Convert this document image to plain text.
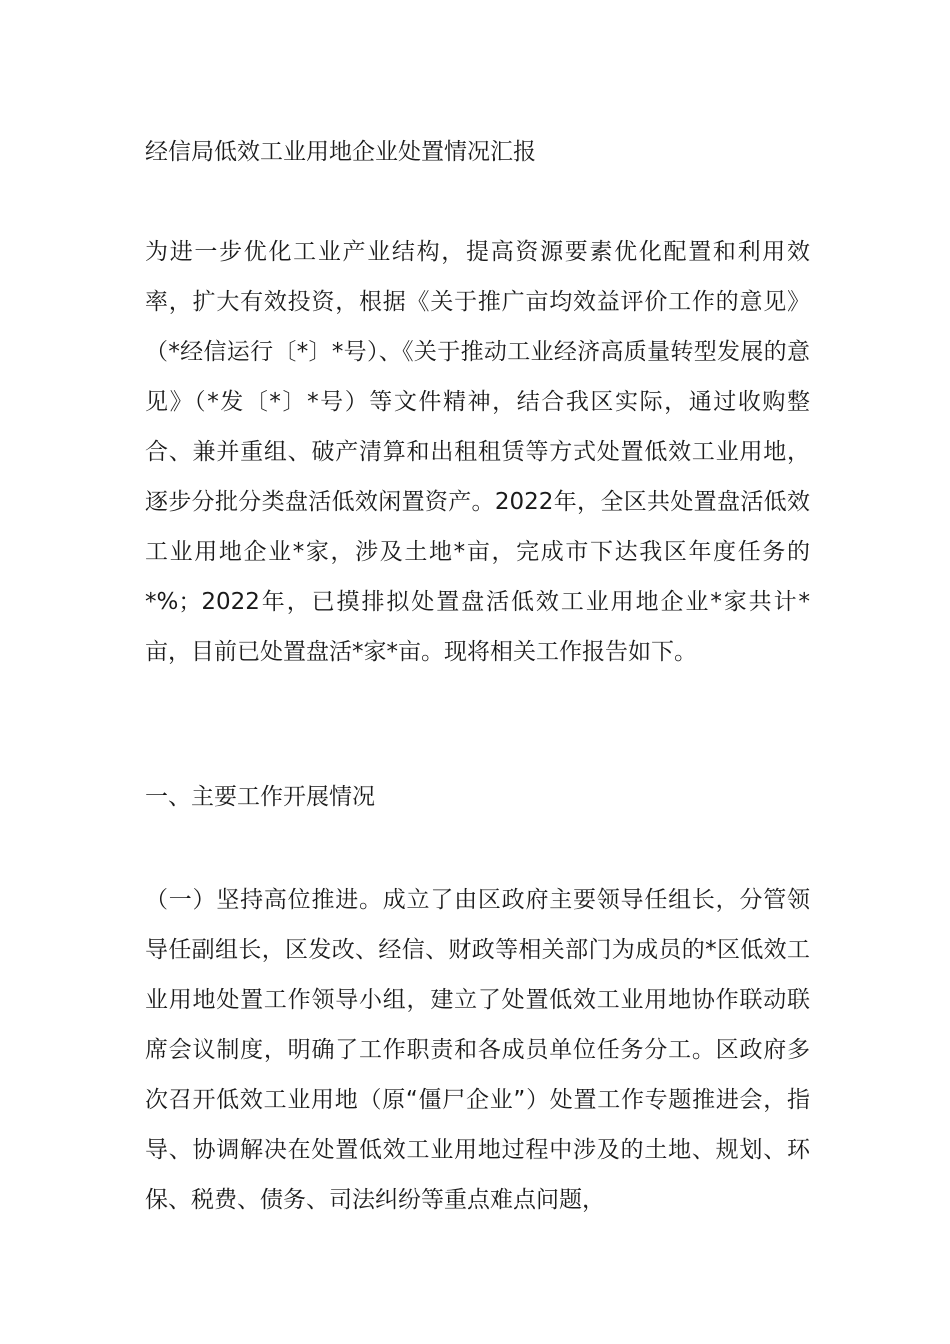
经信局低效工业用地企业处置情况汇报

为进一步优化工业产业结构，提高资源要素优化配置和利用效率，扩大有效投资，根据《关于推广亩均效益评价工作的意见》（*经信运行〔*〕*号）、《关于推动工业经济高质量转型发展的意见》（*发〔*〕*号）等文件精神，结合我区实际，通过收购整合、兼并重组、破产清算和出租租赁等方式处置低效工业用地，逐步分批分类盘活低效闲置资产。2022年，全区共处置盘活低效工业用地企业*家，涉及土地*亩，完成市下达我区年度任务的*%；2022年，已摸排拟处置盘活低效工业用地企业*家共计*亩，目前已处置盘活*家*亩。现将相关工作报告如下。

一、主要工作开展情况

（一）坚持高位推进。成立了由区政府主要领导任组长，分管领导任副组长，区发改、经信、财政等相关部门为成员的*区低效工业用地处置工作领导小组，建立了处置低效工业用地协作联动联席会议制度，明确了工作职责和各成员单位任务分工。区政府多次召开低效工业用地（原“僵尸企业”）处置工作专题推进会，指导、协调解决在处置低效工业用地过程中涉及的土地、规划、环保、税费、债务、司法纠纷等重点难点问题，
